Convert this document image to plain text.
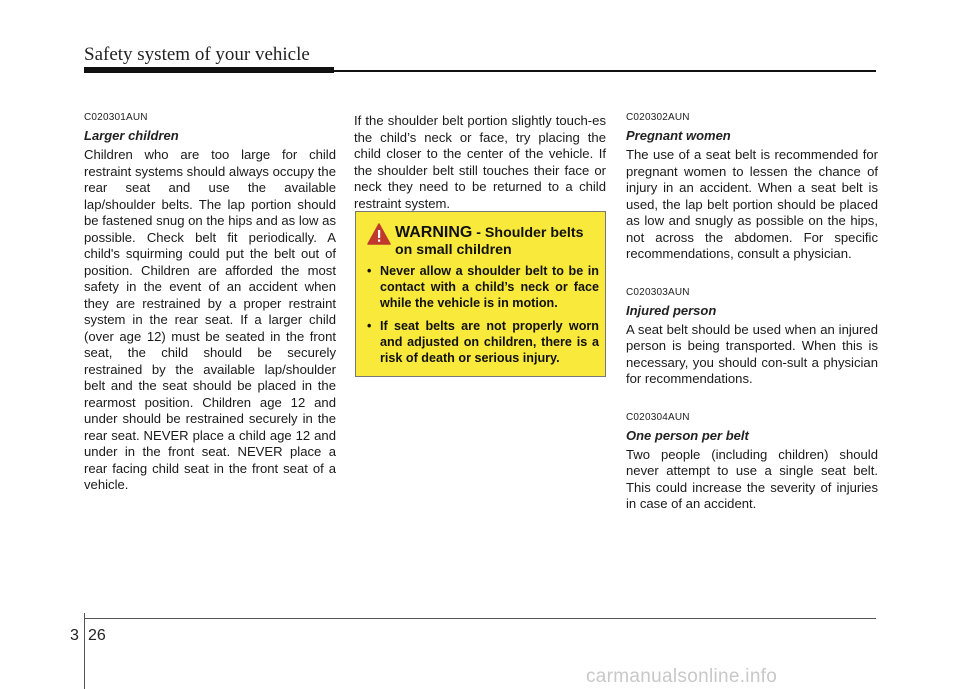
Safety system of your vehicle

C020301AUN

Larger children

Children who are too large for child restraint systems should always occupy the rear seat and use the available lap/shoulder belts. The lap portion should be fastened snug on the hips and as low as possible. Check belt fit periodically. A child's squirming could put the belt out of position. Children are afforded the most safety in the event of an accident when they are restrained by a proper restraint system in the rear seat. If a larger child (over age 12) must be seated in the front seat, the child should be securely restrained by the available lap/shoulder belt and the seat should be placed in the rearmost position. Children age 12 and under should be restrained securely in the rear seat. NEVER place a child age 12 and under in the front seat. NEVER place a rear facing child seat in the front seat of a vehicle.

If the shoulder belt portion slightly touch-es the child’s neck or face, try placing the child closer to the center of the vehicle. If the shoulder belt still touches their face or neck they need to be returned to a child restraint system.

WARNING - Shoulder belts on small children
• Never allow a shoulder belt to be in contact with a child’s neck or face while the vehicle is in motion.
• If seat belts are not properly worn and adjusted on children, there is a risk of death or serious injury.

C020302AUN

Pregnant women

The use of a seat belt is recommended for pregnant women to lessen the chance of injury in an accident. When a seat belt is used, the lap belt portion should be placed as low and snugly as possible on the hips, not across the abdomen. For specific recommendations, consult a physician.

C020303AUN

Injured person

A seat belt should be used when an injured person is being transported. When this is necessary, you should con-sult a physician for recommendations.

C020304AUN

One person per belt

Two people (including children) should never attempt to use a single seat belt. This could increase the severity of injuries in case of an accident.

3 26
carmanualsonline.info
